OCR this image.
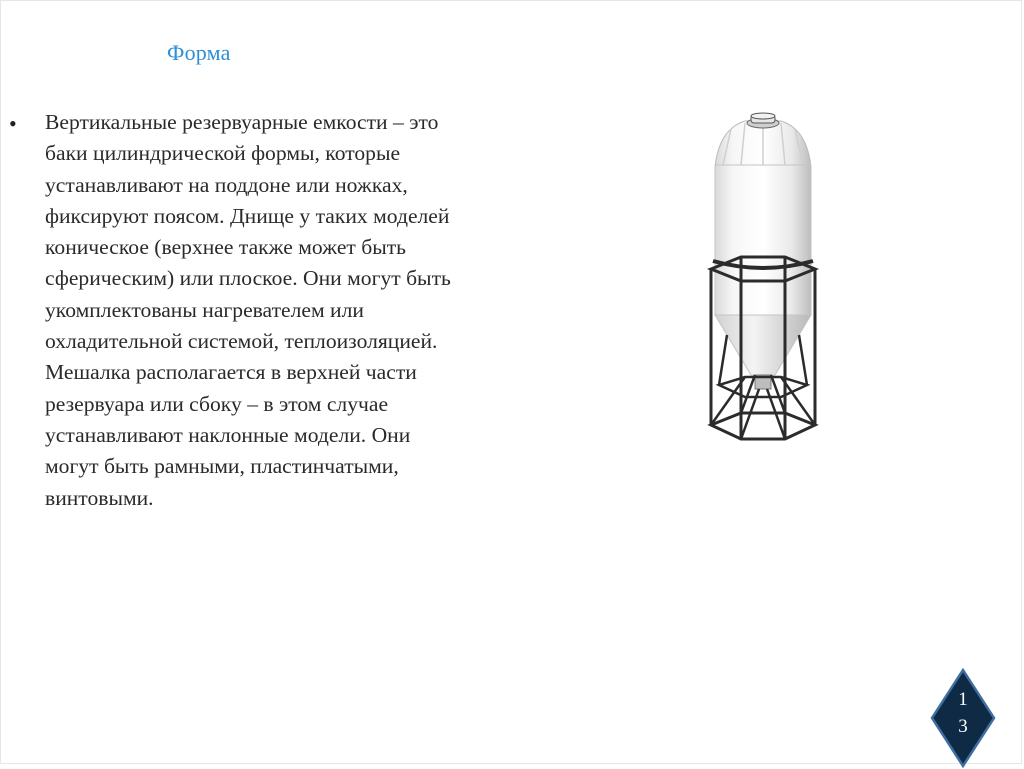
Форма
• Вертикальные резервуарные емкости – это
баки цилиндрической формы, которые
устанавливают на поддоне или ножках,
фиксируют поясом. Днище у таких моделей
коническое (верхнее также может быть
сферическим) или плоское. Они могут быть
укомплектованы нагревателем или
охладительной системой, теплоизоляцией.
Мешалка располагается в верхней части
резервуара или сбоку – в этом случае
устанавливают наклонные модели. Они
могут быть рамными, пластинчатыми,
винтовыми.
1
3
